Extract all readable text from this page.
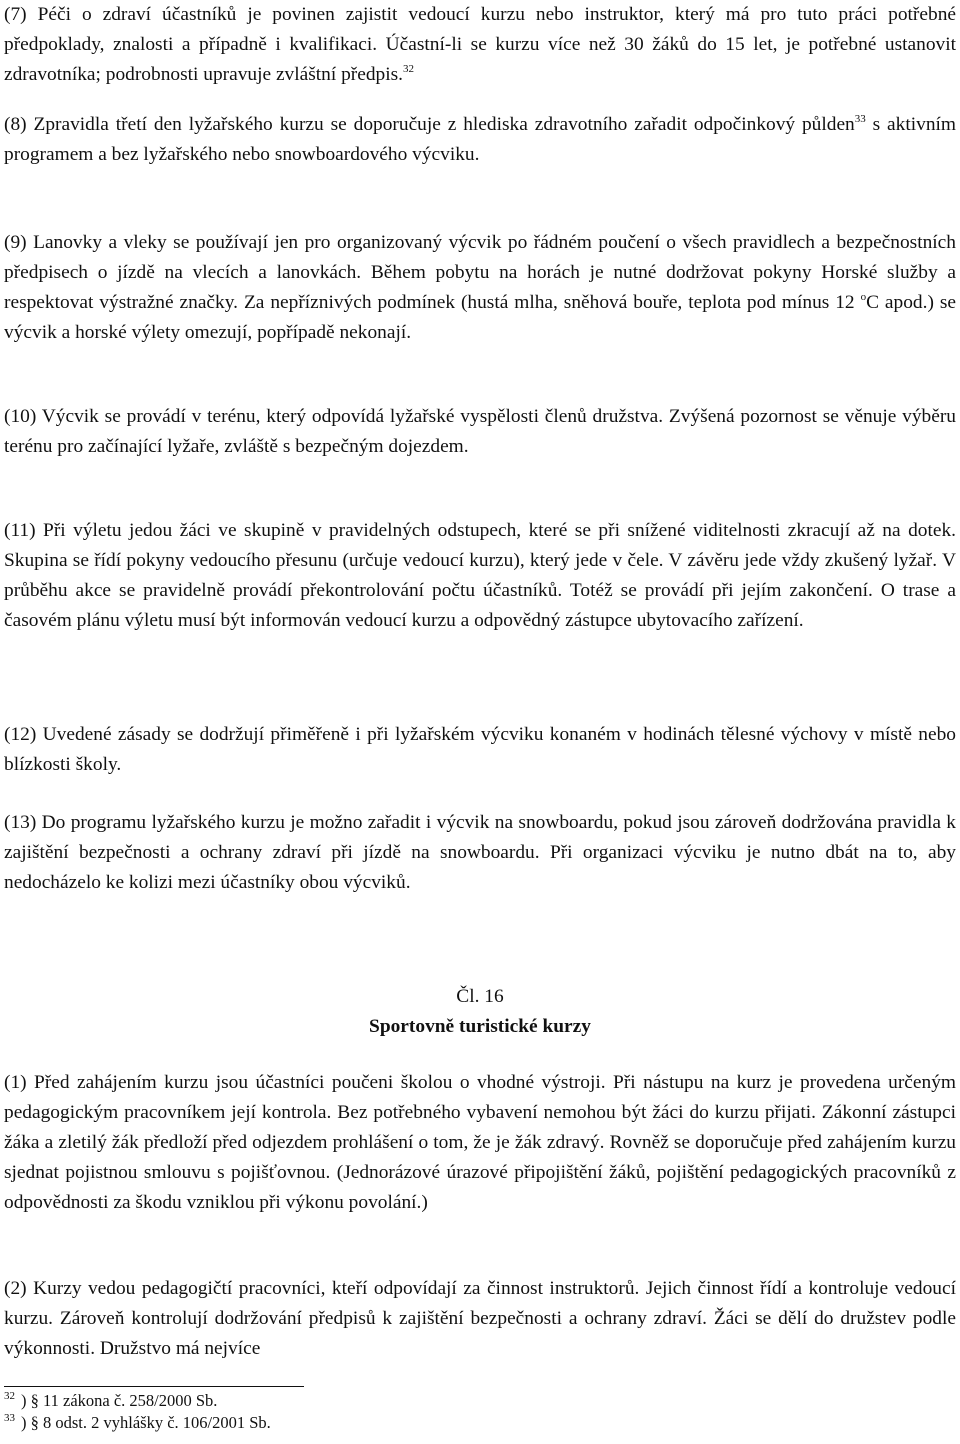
(7) Péči o zdraví účastníků je povinen zajistit vedoucí kurzu nebo instruktor, který má pro tuto práci potřebné předpoklady, znalosti a případně i kvalifikaci. Účastní-li se kurzu více než 30 žáků do 15 let, je potřebné ustanovit zdravotníka; podrobnosti upravuje zvláštní předpis.$^{32}$

(8) Zpravidla třetí den lyžařského kurzu se doporučuje z hlediska zdravotního zařadit odpočinkový půlden$^{33}$ s aktivním programem a bez lyžařského nebo snowboardového výcviku.

(9) Lanovky a vleky se používají jen pro organizovaný výcvik po řádném poučení o všech pravidlech a bezpečnostních předpisech o jízdě na vlecích a lanovkách. Během pobytu na horách je nutné dodržovat pokyny Horské služby a respektovat výstražné značky. Za nepříznivých podmínek (hustá mlha, sněhová bouře, teplota pod mínus 12 $^o$C apod.) se výcvik a horské výlety omezují, popřípadě nekonají.

(10) Výcvik se provádí v terénu, který odpovídá lyžařské vyspělosti členů družstva. Zvýšená pozornost se věnuje výběru terénu pro začínající lyžaře, zvláště s bezpečným dojezdem.

(11) Při výletu jedou žáci ve skupině v pravidelných odstupech, které se při snížené viditelnosti zkracují až na dotek. Skupina se řídí pokyny vedoucího přesunu (určuje vedoucí kurzu), který jede v čele. V závěru jede vždy zkušený lyžař. V průběhu akce se pravidelně provádí překontrolování počtu účastníků. Totéž se provádí při jejím zakončení. O trase a časovém plánu výletu musí být informován vedoucí kurzu a odpovědný zástupce ubytovacího zařízení.

(12) Uvedené zásady se dodržují přiměřeně i při lyžařském výcviku konaném v hodinách tělesné výchovy v místě nebo blízkosti školy.

(13) Do programu lyžařského kurzu je možno zařadit i výcvik na snowboardu, pokud jsou zároveň dodržována pravidla k zajištění bezpečnosti a ochrany zdraví při jízdě na snowboardu. Při organizaci výcviku je nutno dbát na to, aby nedocházelo ke kolizi mezi účastníky obou výcviků.

Čl. 16
Sportovně turistické kurzy

(1) Před zahájením kurzu jsou účastníci poučeni školou o vhodné výstroji. Při nástupu na kurz je provedena určeným pedagogickým pracovníkem její kontrola. Bez potřebného vybavení nemohou být žáci do kurzu přijati. Zákonní zástupci žáka a zletilý žák předloží před odjezdem prohlášení o tom, že je žák zdravý. Rovněž se doporučuje před zahájením kurzu sjednat pojistnou smlouvu s pojišťovnou. (Jednorázové úrazové připojištění žáků, pojištění pedagogických pracovníků z odpovědnosti za škodu vzniklou při výkonu povolání.)

(2) Kurzy vedou pedagogičtí pracovníci, kteří odpovídají za činnost instruktorů. Jejich činnost řídí a kontroluje vedoucí kurzu. Zároveň kontrolují dodržování předpisů k zajištění bezpečnosti a ochrany zdraví. Žáci se dělí do družstev podle výkonnosti. Družstvo má nejvíce

$^{32}$ ) § 11 zákona č. 258/2000 Sb.
$^{33}$ ) § 8 odst. 2 vyhlášky č. 106/2001 Sb.
